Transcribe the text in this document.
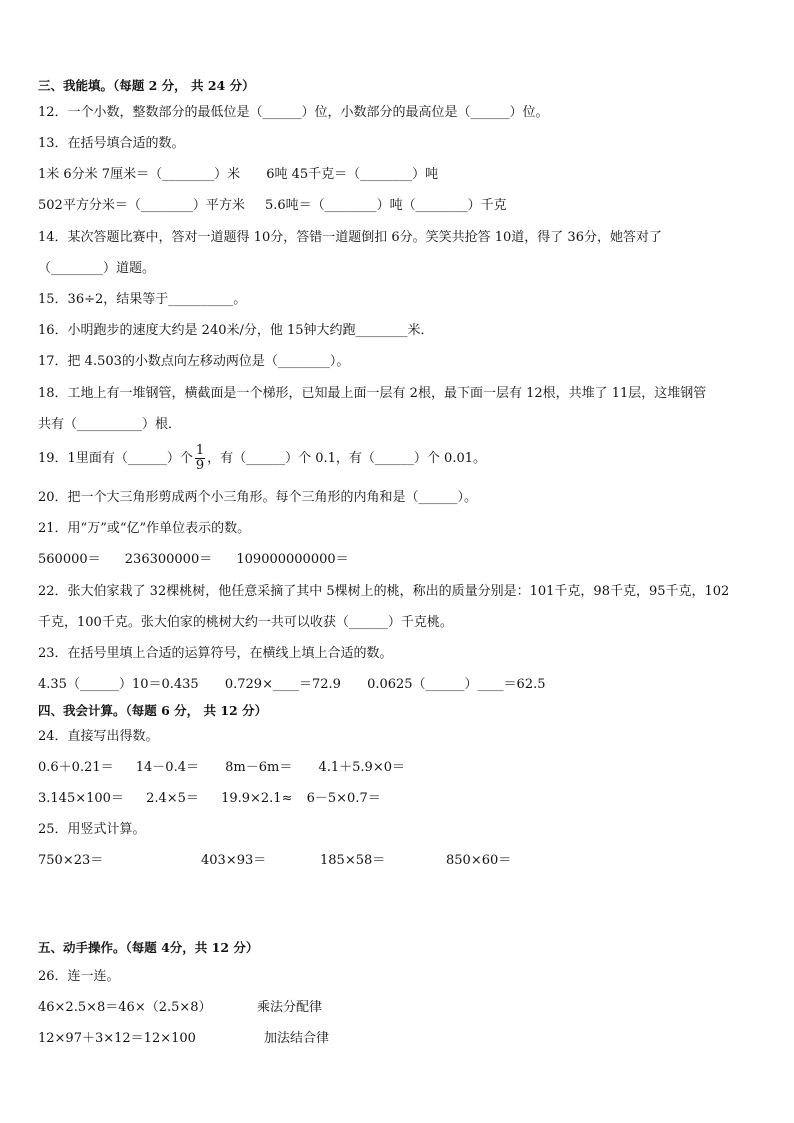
三、我能填。（每题 2 分， 共 24 分）
12．一个小数，整数部分的最低位是（______）位，小数部分的最高位是（______）位。
13．在括号填合适的数。
1米 6分米 7厘米＝（________）米 6吨 45千克＝（________）吨
502平方分米＝（________）平方米 5.6吨＝（________）吨（________）千克
14．某次答题比赛中，答对一道题得 10分，答错一道题倒扣 6分。笑笑共抢答 10道，得了 36分，她答对了
（________）道题。
15．36÷2，结果等于__________。
16．小明跑步的速度大约是 240米/分，他 15钟大约跑________米．
17．把 4.503的小数点向左移动两位是（________）。
18．工地上有一堆钢管，横截面是一个梯形，已知最上面一层有 2根，最下面一层有 12根，共堆了 11层，这堆钢管
共有（__________）根．
19．1里面有（______）个 $\frac{1}{9}$ ，有（______）个 0.1，有（______）个 0.01。
20．把一个大三角形剪成两个小三角形。每个三角形的内角和是（______）。
21．用“万”或“亿”作单位表示的数。
560000＝ 236300000＝ 109000000000＝
22．张大伯家栽了 32棵桃树，他任意采摘了其中 5棵树上的桃，称出的质量分别是：101千克，98千克，95千克，102
千克，100千克。张大伯家的桃树大约一共可以收获（______）千克桃。
23．在括号里填上合适的运算符号，在横线上填上合适的数。
4.35（______）10＝0.435 0.729×____＝72.9 0.0625（______）____＝62.5
四、我会计算。（每题 6 分， 共 12 分）
24．直接写出得数。
0.6＋0.21＝ 14－0.4＝ 8m－6m＝ 4.1＋5.9×0＝
3.145×100＝ 2.4×5＝ 19.9×2.1≈ 6－5×0.7＝
25．用竖式计算。
750×23＝	403×93＝	185×58＝	850×60＝
五、动手操作。（每题 4分，共 12 分）
26．连一连。
46×2.5×8＝46×（2.5×8）	乘法分配律
12×97＋3×12＝12×100	加法结合律
